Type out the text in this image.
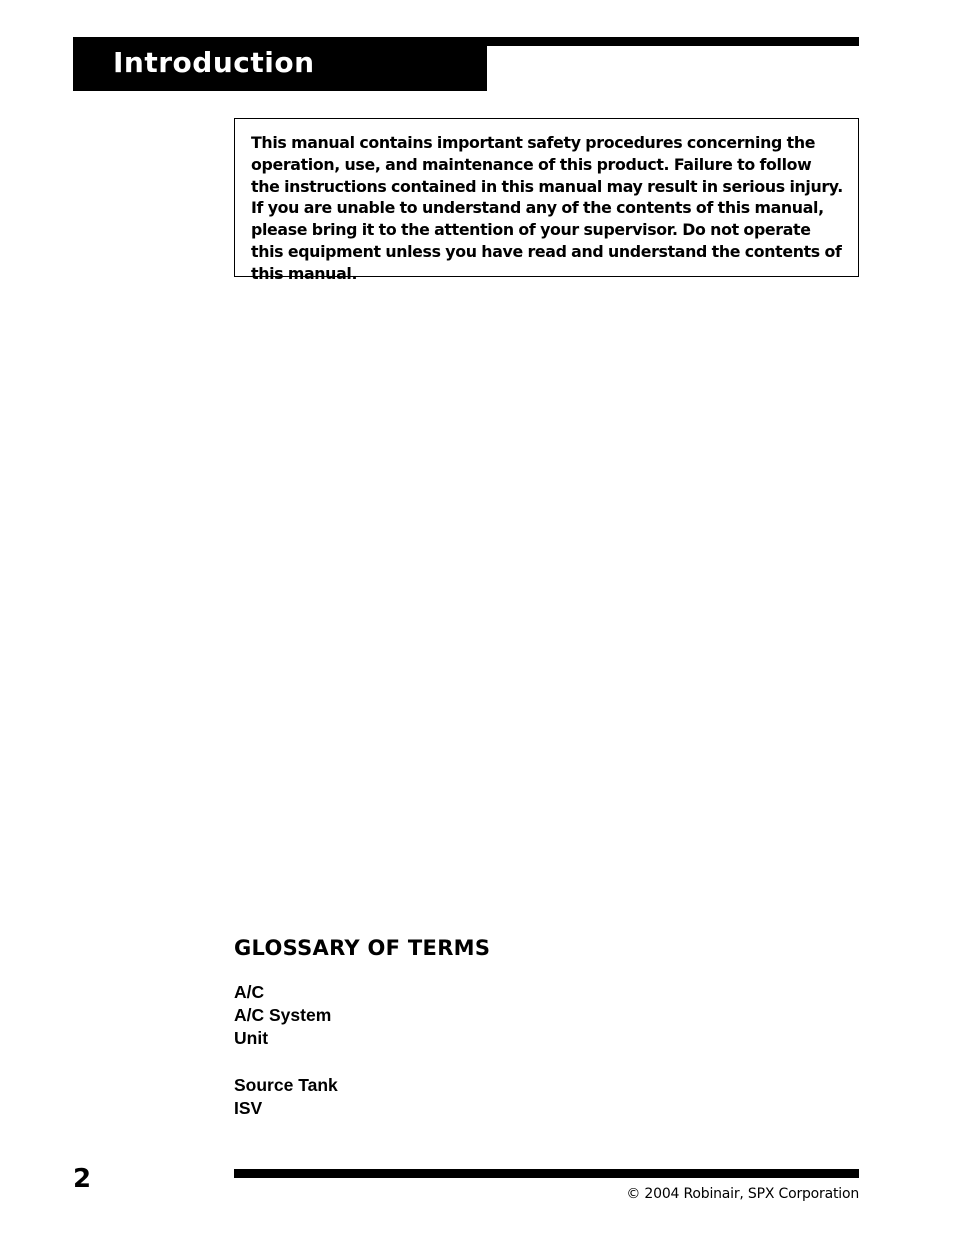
Introduction

This manual contains important safety procedures concerning the operation, use, and maintenance of this product. Failure to follow the instructions contained in this manual may result in serious injury. If you are unable to understand any of the contents of this manual, please bring it to the attention of your supervisor. Do not operate this equipment unless you have read and understand the contents of this manual.

GLOSSARY OF TERMS
A/C
A/C System
Unit
Source Tank
ISV
2	© 2004 Robinair, SPX Corporation
